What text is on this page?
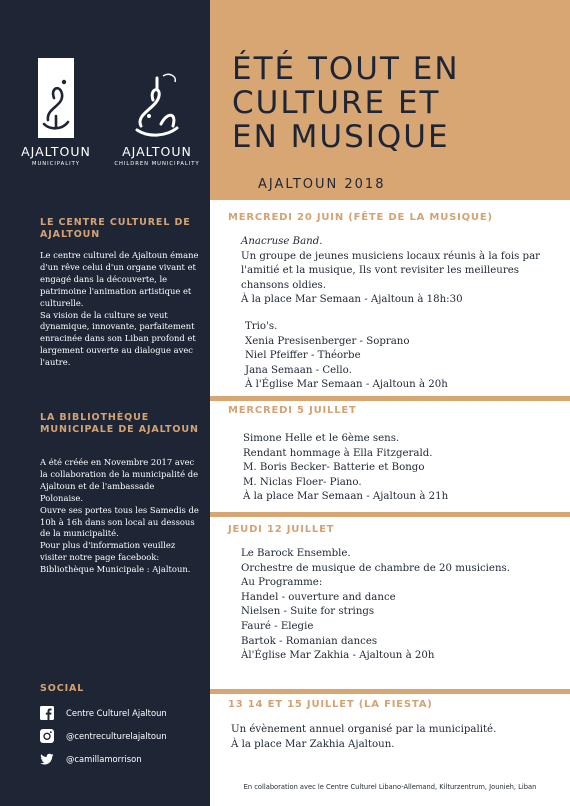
AJALTOUN
MUNICIPALITY
AJALTOUN
CHILDREN MUNICIPALITY
LE CENTRE CULTUREL DE AJALTOUN
Le centre culturel de Ajaltoun émane d'un rêve celui d'un organe vivant et engagé dans la découverte, le patrimoine l'animation artistique et culturelle.
Sa vision de la culture se veut dynamique, innovante, parfaitement enracinée dans son Liban profond et largement ouverte au dialogue avec l'autre.
LA BIBLIOTHÈQUE MUNICIPALE DE AJALTOUN
A été créée en Novembre 2017 avec la collaboration de la municipalité de Ajaltoun et de l'ambassade Polonaise.
Ouvre ses portes tous les Samedis de 10h à 16h dans son local au dessous de la municipalité.
Pour plus d'information veuillez visiter notre page facebook: Bibliothèque Municipale : Ajaltoun.
SOCIAL
Centre Culturel Ajaltoun
@centreculturelajaltoun
@camillamorrison
ÉTÉ TOUT EN
CULTURE ET
EN MUSIQUE
AJALTOUN 2018
MERCREDI 20 JUIN (FÊTE DE LA MUSIQUE)

Anacruse Band.

Un groupe de jeunes musiciens locaux réunis à la fois par l'amitié et la musique, Ils vont revisiter les meilleures chansons oldies.
À la place Mar Semaan - Ajaltoun à 18h:30

Trio's.
Xenia Presisenberger - Soprano
Niel Pfeiffer - Théorbe
Jana Semaan - Cello.
À l'Église Mar Semaan - Ajaltoun à 20h

MERCREDI 5 JUILLET

Simone Helle et le 6ème sens.
Rendant hommage à Ella Fitzgerald.
M. Boris Becker- Batterie et Bongo
M. Niclas Floer- Piano.
À la place Mar Semaan - Ajaltoun à 21h

JEUDI 12 JUILLET

Le Barock Ensemble.
Orchestre de musique de chambre de 20 musiciens.
Au Programme:
Handel - ouverture and dance
Nielsen - Suite for strings
Fauré - Elegie
Bartok - Romanian dances
Àl'Église Mar Zakhia - Ajaltoun à 20h

13 14 ET 15 JUILLET (LA FIESTA)

Un évènement annuel organisé par la municipalité.
À la place Mar Zakhia Ajaltoun.

En collaboration avec le Centre Culturel Libano-Allemand, Kilturzentrum, Jounieh, Liban
